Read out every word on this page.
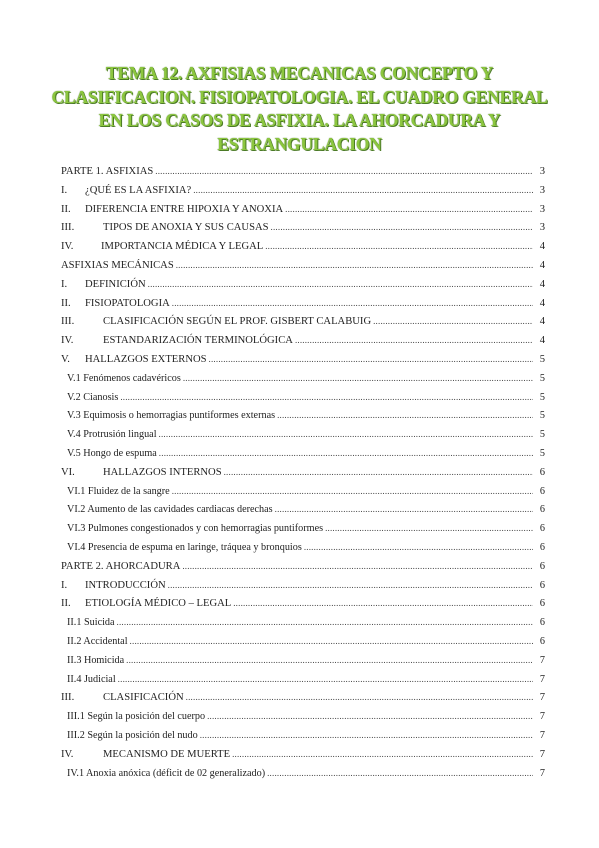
TEMA 12. AXFISIAS MECANICAS CONCEPTO Y CLASIFICACION. FISIOPATOLOGIA. EL CUADRO GENERAL EN LOS CASOS DE ASFIXIA. LA AHORCADURA Y ESTRANGULACION
PARTE 1. ASFIXIAS .....	3
I.	¿QUÉ ES LA ASFIXIA? .....	3
II.	DIFERENCIA ENTRE HIPOXIA Y ANOXIA .....	3
III.	TIPOS DE ANOXIA Y SUS CAUSAS .....	3
IV.	IMPORTANCIA MÉDICA Y LEGAL .....	4
ASFIXIAS MECÁNICAS .....	4
I.	DEFINICIÓN .....	4
II.	FISIOPATOLOGIA .....	4
III.	CLASIFICACIÓN SEGÚN EL PROF. GISBERT CALABUIG .....	4
IV.	ESTANDARIZACIÓN TERMINOLÓGICA .....	4
V.	HALLAZGOS EXTERNOS .....	5
V.1 Fenómenos cadavéricos .....	5
V.2 Cianosis .....	5
V.3 Equimosis o hemorragias puntiformes externas .....	5
V.4 Protrusión lingual .....	5
V.5 Hongo de espuma .....	5
VI.	HALLAZGOS INTERNOS .....	6
VI.1 Fluidez de la sangre .....	6
VI.2 Aumento de las cavidades cardiacas derechas .....	6
VI.3 Pulmones congestionados y con hemorragias puntiformes .....	6
VI.4 Presencia de espuma en laringe, tráquea y bronquios .....	6
PARTE 2. AHORCADURA .....	6
I.	INTRODUCCIÓN .....	6
II.	ETIOLOGÍA MÉDICO – LEGAL .....	6
II.1 Suicida .....	6
II.2 Accidental .....	6
II.3 Homicida .....	7
II.4 Judicial .....	7
III.	CLASIFICACIÓN .....	7
III.1 Según la posición del cuerpo .....	7
III.2 Según la posición del nudo .....	7
IV.	MECANISMO DE MUERTE .....	7
IV.1 Anoxia anóxica (déficit de 02 generalizado) .....	7
